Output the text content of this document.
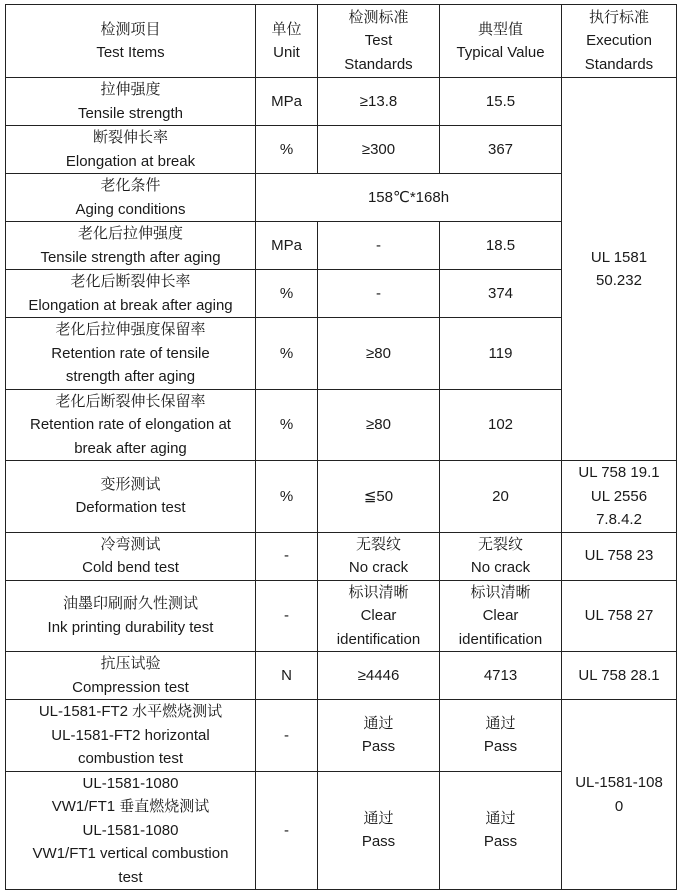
检测项目
Test Items	单位
Unit	检测标准
Test
Standards	典型值
Typical Value	执行标准
Execution
Standards

拉伸强度
Tensile strength	MPa	≥13.8	15.5	UL 1581
50.232

断裂伸长率
Elongation at break	%	≥300	367	

老化条件
Aging conditions	158℃*168h			

老化后拉伸强度
Tensile strength after aging	MPa	-	18.5	

老化后断裂伸长率
Elongation at break after aging	%	-	374	

老化后拉伸强度保留率
Retention rate of tensile
strength after aging	%	≥80	119	

老化后断裂伸长保留率
Retention rate of elongation at
break after aging	%	≥80	102	

变形测试
Deformation test	%	≦50	20	UL 758 19.1
UL 2556
7.8.4.2

冷弯测试
Cold bend test	-	无裂纹
No crack	无裂纹
No crack	UL 758 23

油墨印刷耐久性测试
Ink printing durability test	-	标识清晰
Clear
identification	标识清晰
Clear
identification	UL 758 27

抗压试验
Compression test	N	≥4446	4713	UL 758 28.1

UL-1581-FT2 水平燃烧测试
UL-1581-FT2 horizontal
combustion test	-	通过
Pass	通过
Pass	UL-1581-108
0

UL-1581-1080
VW1/FT1 垂直燃烧测试
UL-1581-1080
VW1/FT1 vertical combustion
test	-	通过
Pass	通过
Pass	
